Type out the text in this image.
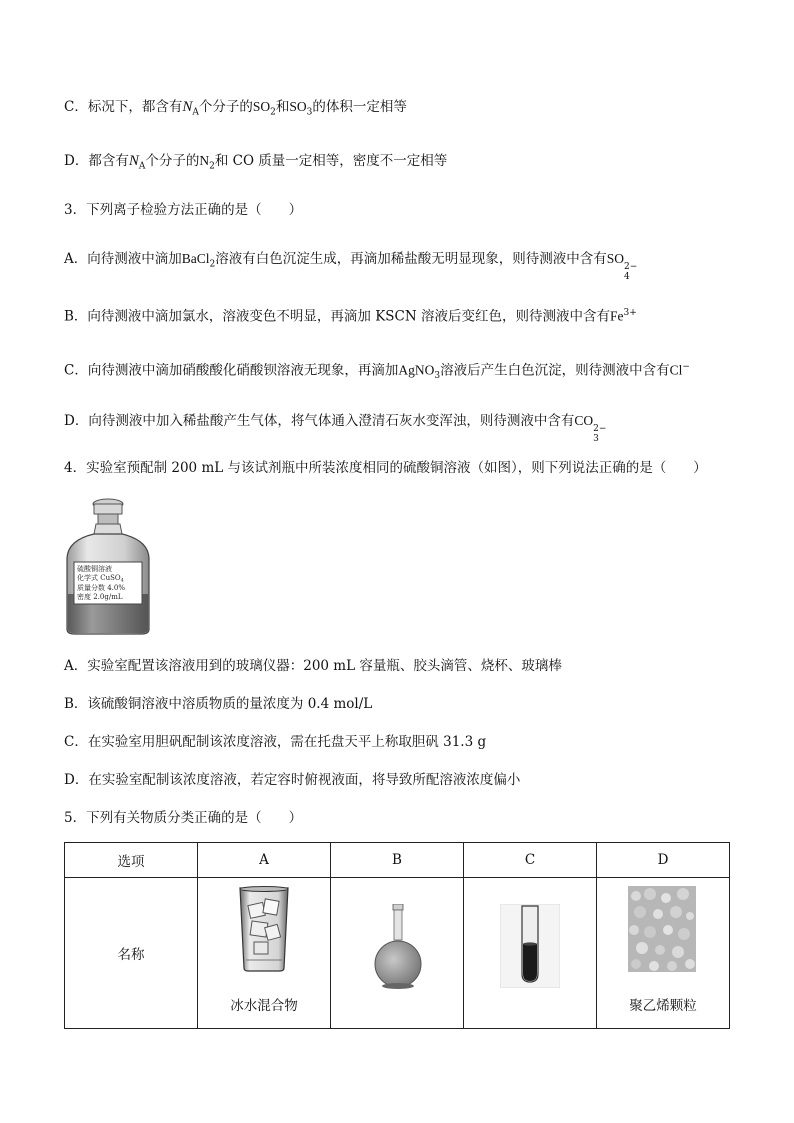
C．标况下，都含有$N_A$个分子的$SO_2$和$SO_3$的体积一定相等
D．都含有$N_A$个分子的$N_2$和 CO 质量一定相等，密度不一定相等
3．下列离子检验方法正确的是（　　）
A．向待测液中滴加BaCl$_2$溶液有白色沉淀生成，再滴加稀盐酸无明显现象，则待测液中含有SO
2−
4
B．向待测液中滴加氯水，溶液变色不明显，再滴加 KSCN 溶液后变红色，则待测液中含有$Fe^{3+}$
C．向待测液中滴加硝酸酸化硝酸钡溶液无现象，再滴加AgNO$_3$溶液后产生白色沉淀，则待测液中含有Cl−
D．向待测液中加入稀盐酸产生气体，将气体通入澄清石灰水变浑浊，则待测液中含有CO
2−
3
4．实验室预配制 200 mL 与该试剂瓶中所装浓度相同的硫酸铜溶液（如图），则下列说法正确的是（　　）
硫酸铜溶液
化学式 CuSO$_4$
质量分数 4.0%
密度 2.0g/mL
A．实验室配置该溶液用到的玻璃仪器：200 mL 容量瓶、胶头滴管、烧杯、玻璃棒
B．该硫酸铜溶液中溶质物质的量浓度为 0.4 mol/L
C．在实验室用胆矾配制该浓度溶液，需在托盘天平上称取胆矾 31.3 g
D．在实验室配制该浓度溶液，若定容时俯视液面，将导致所配溶液浓度偏小
5．下列有关物质分类正确的是（　　）
选项	A	B	C	D
名称	冰水混合物			聚乙烯颗粒
